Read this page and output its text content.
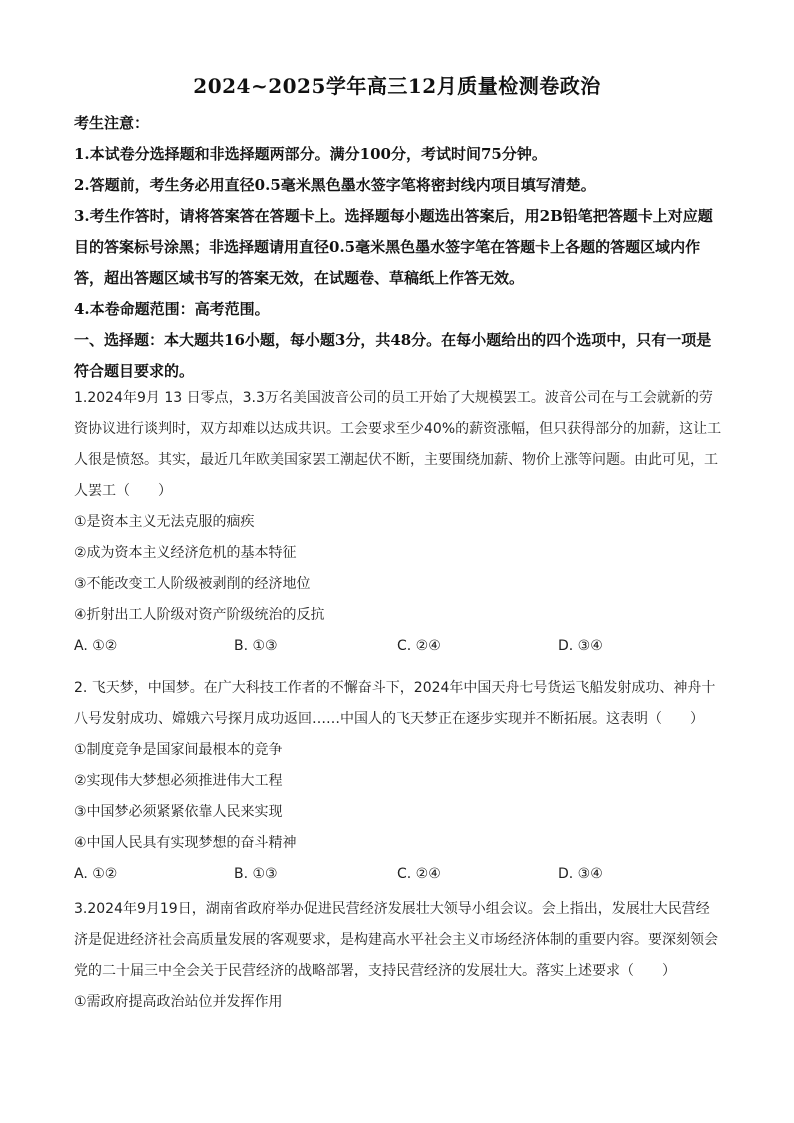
2024~2025学年高三12月质量检测卷政治

考生注意：

1.本试卷分选择题和非选择题两部分。满分100分，考试时间75分钟。

2.答题前，考生务必用直径0.5毫米黑色墨水签字笔将密封线内项目填写清楚。

3.考生作答时，请将答案答在答题卡上。选择题每小题选出答案后，用2B铅笔把答题卡上对应题目的答案标号涂黑；非选择题请用直径0.5毫米黑色墨水签字笔在答题卡上各题的答题区域内作答，超出答题区域书写的答案无效，在试题卷、草稿纸上作答无效。

4.本卷命题范围：高考范围。

一、选择题：本大题共16小题，每小题3分，共48分。在每小题给出的四个选项中，只有一项是符合题目要求的。

1.2024年9月 13 日零点，3.3万名美国波音公司的员工开始了大规模罢工。波音公司在与工会就新的劳资协议进行谈判时，双方却难以达成共识。工会要求至少40%的薪资涨幅，但只获得部分的加薪，这让工人很是愤怒。其实，最近几年欧美国家罢工潮起伏不断，主要围绕加薪、物价上涨等问题。由此可见，工人罢工（　　）

①是资本主义无法克服的痼疾

②成为资本主义经济危机的基本特征

③不能改变工人阶级被剥削的经济地位

④折射出工人阶级对资产阶级统治的反抗

A. ①②	B. ①③	C. ②④	D. ③④

2. 飞天梦，中国梦。在广大科技工作者的不懈奋斗下，2024年中国天舟七号货运飞船发射成功、神舟十八号发射成功、嫦娥六号探月成功返回……中国人的飞天梦正在逐步实现并不断拓展。这表明（　　）

①制度竞争是国家间最根本的竞争

②实现伟大梦想必须推进伟大工程

③中国梦必须紧紧依靠人民来实现

④中国人民具有实现梦想的奋斗精神

A. ①②	B. ①③	C. ②④	D. ③④

3.2024年9月19日，湖南省政府举办促进民营经济发展壮大领导小组会议。会上指出，发展壮大民营经济是促进经济社会高质量发展的客观要求，是构建高水平社会主义市场经济体制的重要内容。要深刻领会党的二十届三中全会关于民营经济的战略部署，支持民营经济的发展壮大。落实上述要求（　　）

①需政府提高政治站位并发挥作用
